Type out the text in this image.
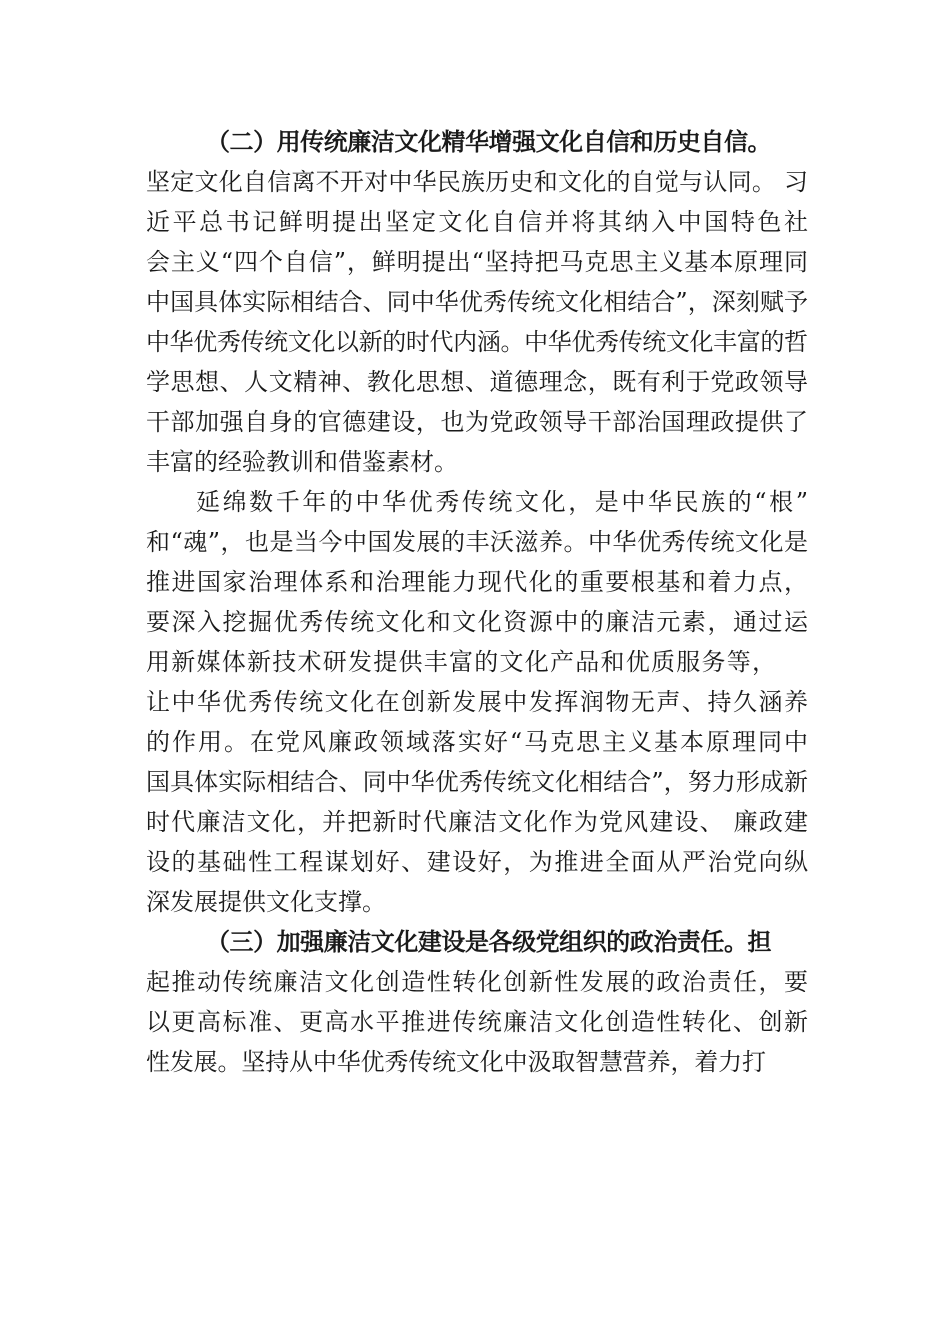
（二）用传统廉洁文化精华增强文化自信和历史自信。
坚定文化自信离不开对中华民族历史和文化的自觉与认同。 习
近平总书记鲜明提出坚定文化自信并将其纳入中国特色社
会主义“四个自信”，鲜明提出“坚持把马克思主义基本原理同
中国具体实际相结合、同中华优秀传统文化相结合”，深刻赋予
中华优秀传统文化以新的时代内涵。中华优秀传统文化丰富的哲
学思想、人文精神、教化思想、道德理念，既有利于党政领导
干部加强自身的官德建设，也为党政领导干部治国理政提供了
丰富的经验教训和借鉴素材。
延绵数千年的中华优秀传统文化，是中华民族的“根”
和“魂”，也是当今中国发展的丰沃滋养。中华优秀传统文化是
推进国家治理体系和治理能力现代化的重要根基和着力点，
要深入挖掘优秀传统文化和文化资源中的廉洁元素，通过运
用新媒体新技术研发提供丰富的文化产品和优质服务等，
让中华优秀传统文化在创新发展中发挥润物无声、持久涵养
的作用。在党风廉政领域落实好“马克思主义基本原理同中
国具体实际相结合、同中华优秀传统文化相结合”，努力形成新
时代廉洁文化，并把新时代廉洁文化作为党风建设、 廉政建
设的基础性工程谋划好、建设好，为推进全面从严治党向纵
深发展提供文化支撑。
（三）加强廉洁文化建设是各级党组织的政治责任。担
起推动传统廉洁文化创造性转化创新性发展的政治责任，要
以更高标准、更高水平推进传统廉洁文化创造性转化、创新
性发展。坚持从中华优秀传统文化中汲取智慧营养，着力打
